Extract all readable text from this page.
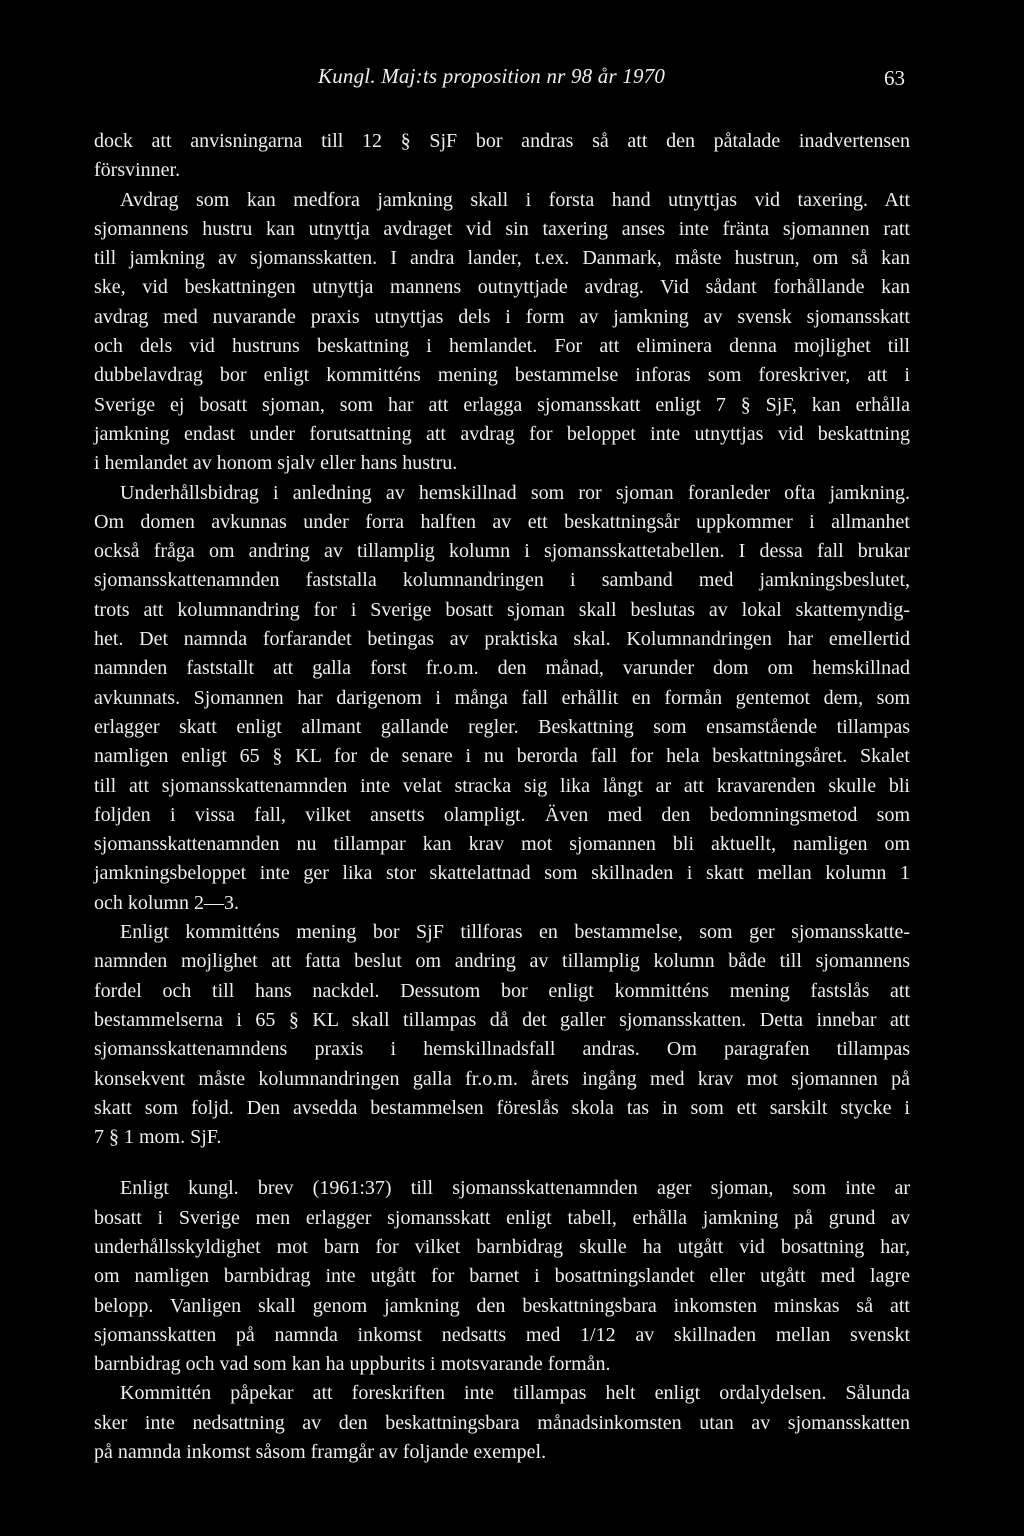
Kungl. Maj:ts proposition nr 98 år 1970	63
dock att anvisningarna till 12 § SjF bor andras så att den påtalade inadvertensen
försvinner.
Avdrag som kan medfora jamkning skall i forsta hand utnyttjas vid taxering. Att
sjomannens hustru kan utnyttja avdraget vid sin taxering anses inte fränta sjomannen ratt
till jamkning av sjomansskatten. I andra lander, t.ex. Danmark, måste hustrun, om så kan
ske, vid beskattningen utnyttja mannens outnyttjade avdrag. Vid sådant forhållande kan
avdrag med nuvarande praxis utnyttjas dels i form av jamkning av svensk sjomansskatt
och dels vid hustruns beskattning i hemlandet. For att eliminera denna mojlighet till
dubbelavdrag bor enligt kommitténs mening bestammelse inforas som foreskriver, att i
Sverige ej bosatt sjoman, som har att erlagga sjomansskatt enligt 7 § SjF, kan erhålla
jamkning endast under forutsattning att avdrag for beloppet inte utnyttjas vid beskattning
i hemlandet av honom sjalv eller hans hustru.
Underhållsbidrag i anledning av hemskillnad som ror sjoman foranleder ofta jamkning.
Om domen avkunnas under forra halften av ett beskattningsår uppkommer i allmanhet
också fråga om andring av tillamplig kolumn i sjomansskattetabellen. I dessa fall brukar
sjomansskattenamnden faststalla kolumnandringen i samband med jamkningsbeslutet,
trots att kolumnandring for i Sverige bosatt sjoman skall beslutas av lokal skattemyndig-
het. Det namnda forfarandet betingas av praktiska skal. Kolumnandringen har emellertid
namnden faststallt att galla forst fr.o.m. den månad, varunder dom om hemskillnad
avkunnats. Sjomannen har darigenom i många fall erhållit en formån gentemot dem, som
erlagger skatt enligt allmant gallande regler. Beskattning som ensamstående tillampas
namligen enligt 65 § KL for de senare i nu berorda fall for hela beskattningsåret. Skalet
till att sjomansskattenamnden inte velat stracka sig lika långt ar att kravarenden skulle bli
foljden i vissa fall, vilket ansetts olampligt. Även med den bedomningsmetod som
sjomansskattenamnden nu tillampar kan krav mot sjomannen bli aktuellt, namligen om
jamkningsbeloppet inte ger lika stor skattelattnad som skillnaden i skatt mellan kolumn 1
och kolumn 2—3.
Enligt kommitténs mening bor SjF tillforas en bestammelse, som ger sjomansskatte-
namnden mojlighet att fatta beslut om andring av tillamplig kolumn både till sjomannens
fordel och till hans nackdel. Dessutom bor enligt kommitténs mening fastslås att
bestammelserna i 65 § KL skall tillampas då det galler sjomansskatten. Detta innebar att
sjomansskattenamndens praxis i hemskillnadsfall andras. Om paragrafen tillampas
konsekvent måste kolumnandringen galla fr.o.m. årets ingång med krav mot sjomannen på
skatt som foljd. Den avsedda bestammelsen föreslås skola tas in som ett sarskilt stycke i
7 § 1 mom. SjF.
Enligt kungl. brev (1961:37) till sjomansskattenamnden ager sjoman, som inte ar
bosatt i Sverige men erlagger sjomansskatt enligt tabell, erhålla jamkning på grund av
underhållsskyldighet mot barn for vilket barnbidrag skulle ha utgått vid bosattning har,
om namligen barnbidrag inte utgått for barnet i bosattningslandet eller utgått med lagre
belopp. Vanligen skall genom jamkning den beskattningsbara inkomsten minskas så att
sjomansskatten på namnda inkomst nedsatts med 1/12 av skillnaden mellan svenskt
barnbidrag och vad som kan ha uppburits i motsvarande formån.
Kommittén påpekar att foreskriften inte tillampas helt enligt ordalydelsen. Sålunda
sker inte nedsattning av den beskattningsbara månadsinkomsten utan av sjomansskatten
på namnda inkomst såsom framgår av foljande exempel.
